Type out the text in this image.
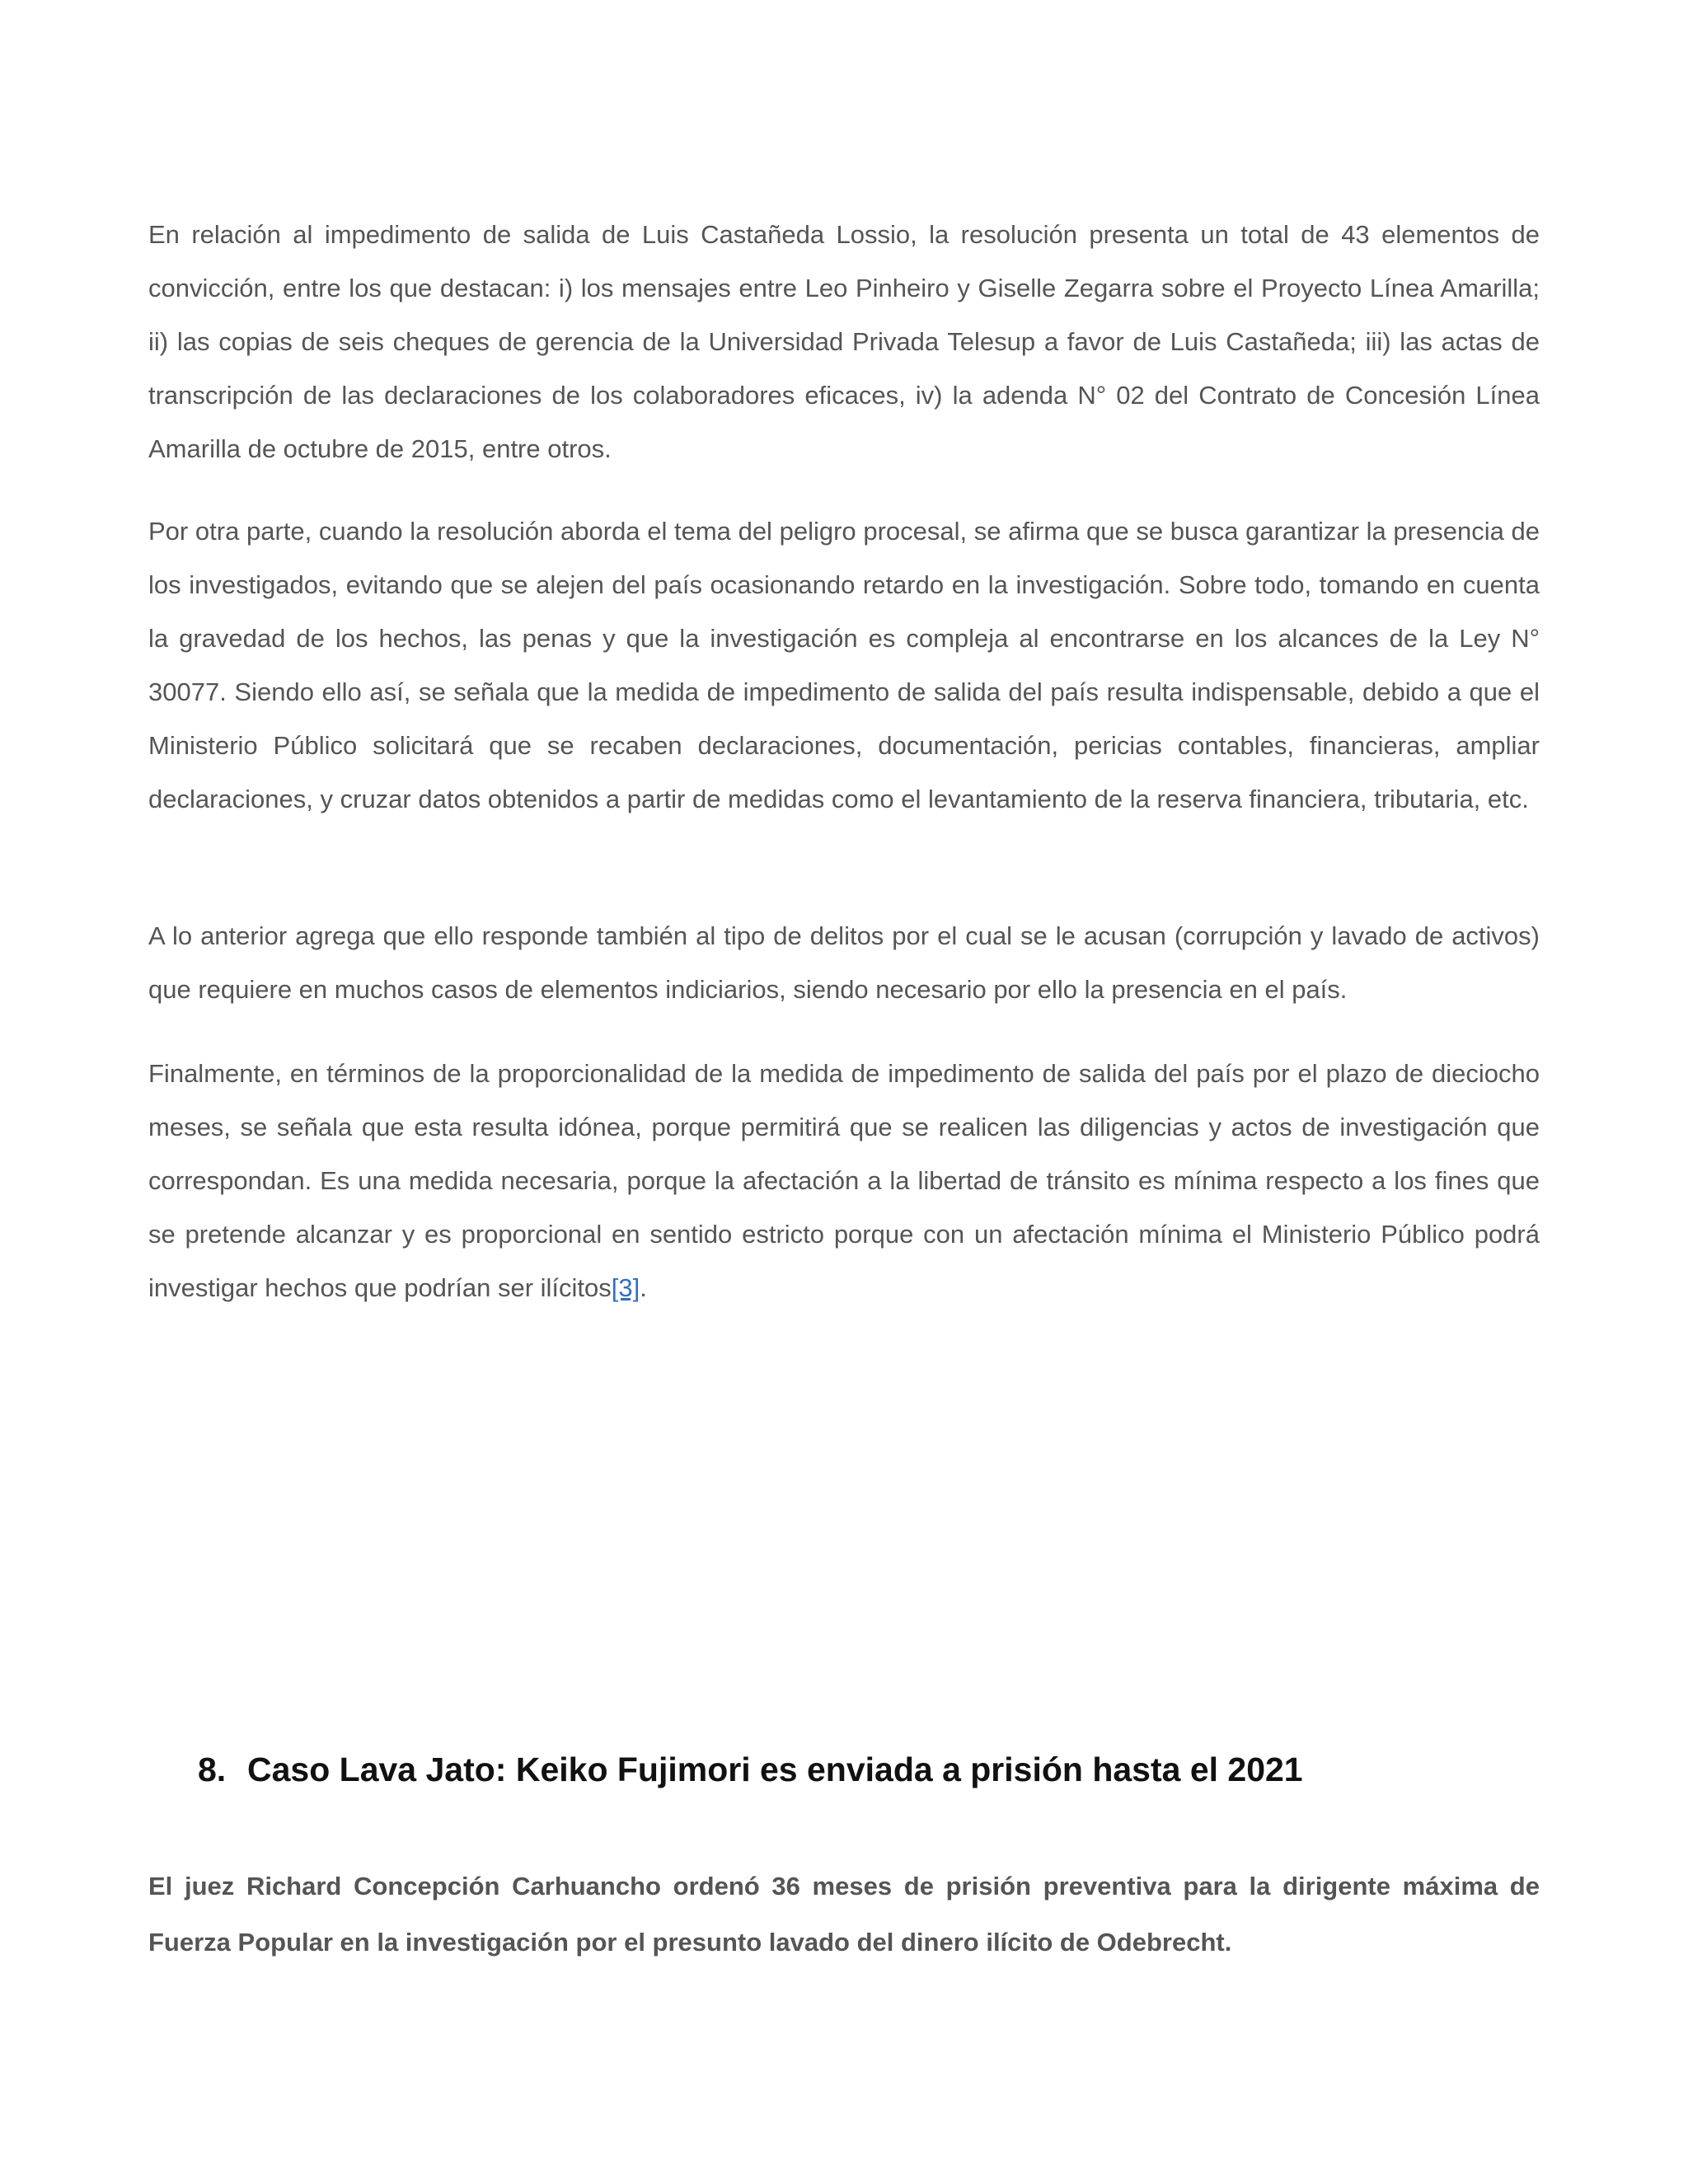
En relación al impedimento de salida de Luis Castañeda Lossio, la resolución presenta un total de 43 elementos de convicción, entre los que destacan: i) los mensajes entre Leo Pinheiro y Giselle Zegarra sobre el Proyecto Línea Amarilla; ii) las copias de seis cheques de gerencia de la Universidad Privada Telesup a favor de Luis Castañeda; iii) las actas de transcripción de las declaraciones de los colaboradores eficaces, iv) la adenda N° 02 del Contrato de Concesión Línea Amarilla de octubre de 2015, entre otros.

Por otra parte, cuando la resolución aborda el tema del peligro procesal, se afirma que se busca garantizar la presencia de los investigados, evitando que se alejen del país ocasionando retardo en la investigación. Sobre todo, tomando en cuenta la gravedad de los hechos, las penas y que la investigación es compleja al encontrarse en los alcances de la Ley N° 30077. Siendo ello así, se señala que la medida de impedimento de salida del país resulta indispensable, debido a que el Ministerio Público solicitará que se recaben declaraciones, documentación, pericias contables, financieras, ampliar declaraciones, y cruzar datos obtenidos a partir de medidas como el levantamiento de la reserva financiera, tributaria, etc.

A lo anterior agrega que ello responde también al tipo de delitos por el cual se le acusan (corrupción y lavado de activos) que requiere en muchos casos de elementos indiciarios, siendo necesario por ello la presencia en el país.

Finalmente, en términos de la proporcionalidad de la medida de impedimento de salida del país por el plazo de dieciocho meses, se señala que esta resulta idónea, porque permitirá que se realicen las diligencias y actos de investigación que correspondan. Es una medida necesaria, porque la afectación a la libertad de tránsito es mínima respecto a los fines que se pretende alcanzar y es proporcional en sentido estricto porque con un afectación mínima el Ministerio Público podrá investigar hechos que podrían ser ilícitos[3].

8. Caso Lava Jato: Keiko Fujimori es enviada a prisión hasta el 2021

El juez Richard Concepción Carhuancho ordenó 36 meses de prisión preventiva para la dirigente máxima de Fuerza Popular en la investigación por el presunto lavado del dinero ilícito de Odebrecht.
